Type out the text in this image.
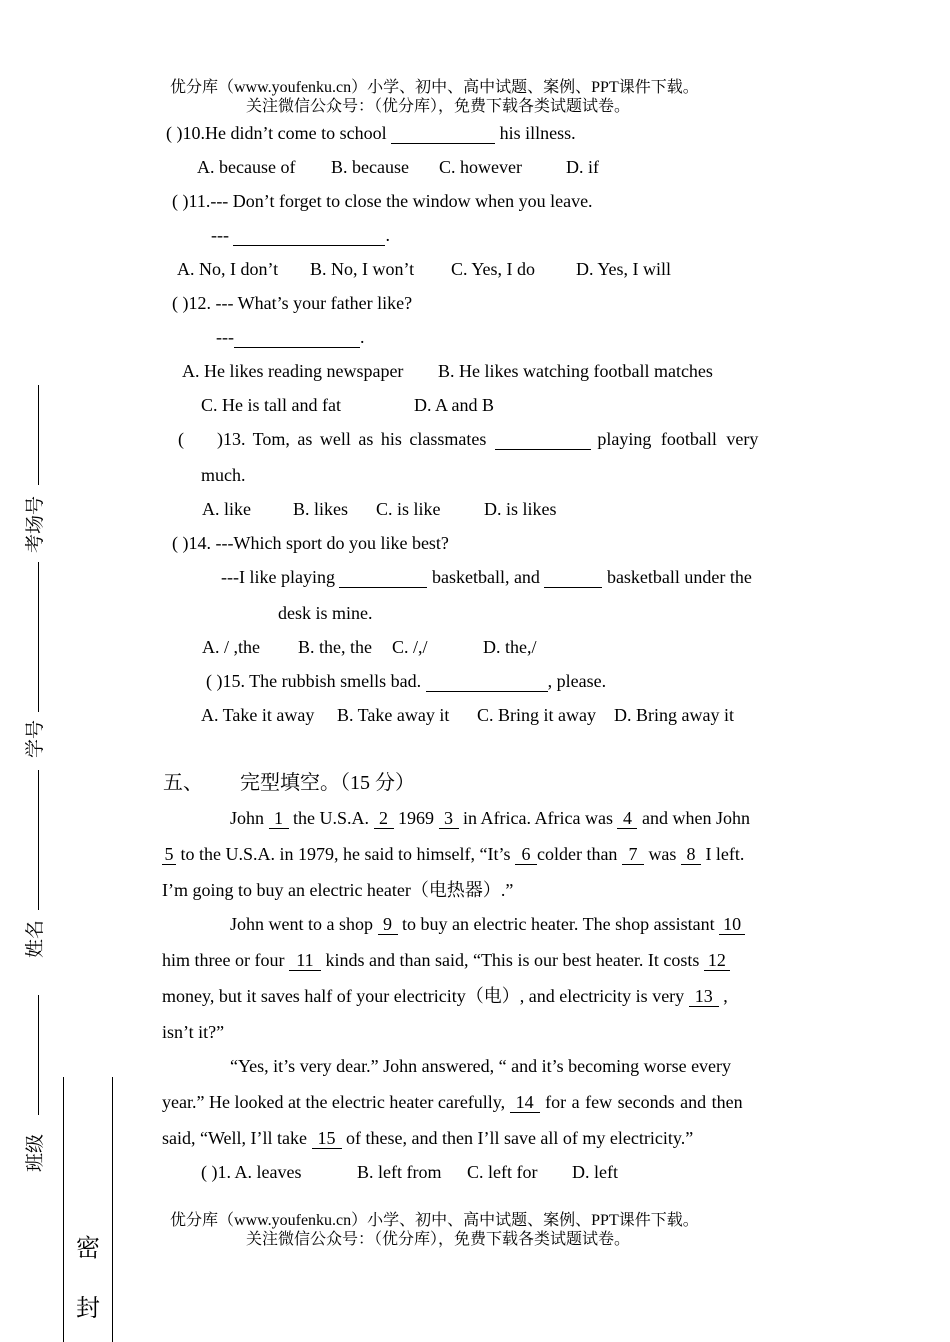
优分库（www.youfenku.cn）小学、初中、高中试题、案例、PPT课件下载。
关注微信公众号：（优分库），免费下载各类试题试卷。
( )10.He didn’t come to school	his illness.
A. because of B. because C. however D. if
( )11.--- Don’t forget to close the window when you leave.
---	.
A. No, I don’t B. No, I won’t C. Yes, I do D. Yes, I will
( )12. --- What’s your father like?
---	.
A. He likes reading newspaper B. He likes watching football matches
C. He is tall and fat	D. A and B
( )13. Tom, as well as his classmates	playing football very
much.
A. like B. likes C. is like D. is likes
( )14. ---Which sport do you like best?
---I like playing	basketball, and	basketball under the
desk is mine.
A. / ,the B. the, the C. /,/	D. the,/
( )15. The rubbish smells bad.	, please.
A. Take it away B. Take away it C. Bring it away D. Bring away it
五、 完型填空。（15 分）
John 1 the U.S.A. 2 1969 3 in Africa. Africa was 4 and when John
5 to the U.S.A. in 1979, he said to himself, “It’s 6colder than 7 was 8 I left.
I’m going to buy an electric heater（电热器）.”
John went to a shop 9 to buy an electric heater. The shop assistant 10
him three or four 11 kinds and than said, “This is our best heater. It costs 12
money, but it saves half of your electricity（电）, and electricity is very 13 ,
isn’t it?”
“Yes, it’s very dear.” John answered, “ and it’s becoming worse every
year.” He looked at the electric heater carefully, 14 for a few seconds and then
said, “Well, I’ll take 15 of these, and then I’ll save all of my electricity.”
( )1. A. leaves	B. left from C. left for D. left
优分库（www.youfenku.cn）小学、初中、高中试题、案例、PPT课件下载。
关注微信公众号：（优分库），免费下载各类试题试卷。
考场号
学号
姓名
班级
密
封
